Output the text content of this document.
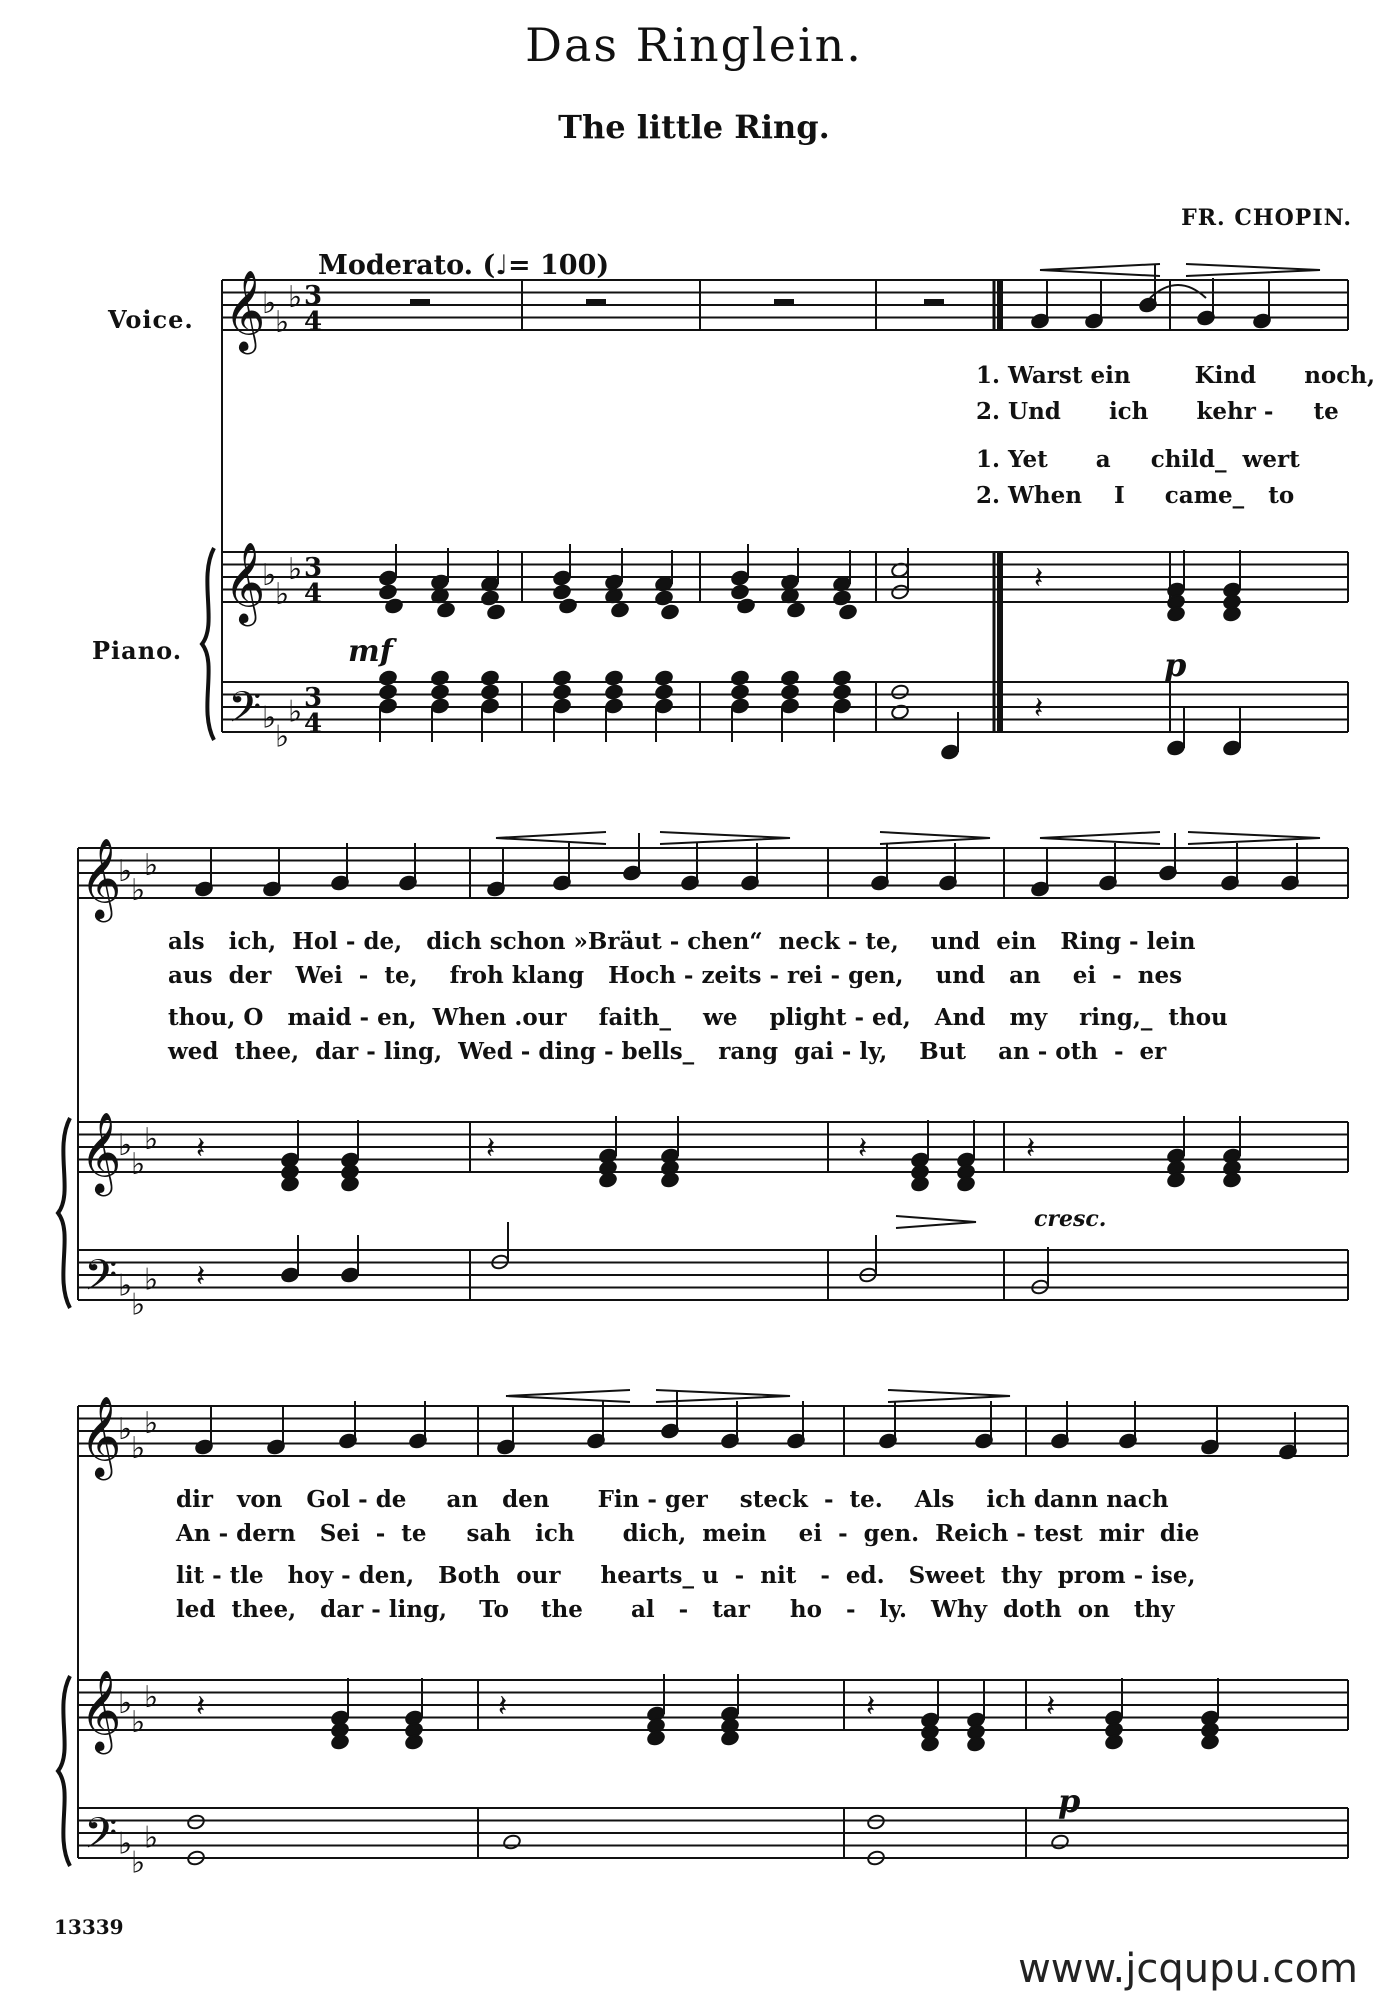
Das Ringlein.
The little Ring.
FR. CHOPIN.
Moderato. (♩= 100)
Voice.
Piano.
1. Warst ein	Kind noch,
2. Und ich kehr - te
1. Yet a child_ wert
2. When I came_ to
als   ich,  Hol - de,   dich schon »Bräut - chen“  neck - te,    und  ein   Ring - lein
aus  der   Wei  -  te,    froh klang   Hoch - zeits - rei - gen,    und   an    ei  -  nes
thou, O   maid - en,  When .our    faith_    we    plight - ed,   And   my    ring,_  thou
wed  thee,  dar - ling,  Wed - ding - bells_   rang  gai - ly,    But    an - oth  -  er
dir   von   Gol - de     an   den      Fin - ger    steck  -  te.    Als    ich dann nach
An - dern   Sei  -  te     sah   ich      dich,  mein    ei  -  gen.  Reich - test  mir  die
lit - tle   hoy - den,   Both  our     hearts_ u  -  nit   -  ed.   Sweet  thy  prom - ise,
led  thee,   dar - ling,    To    the      al   -   tar     ho   -   ly.   Why  doth  on   thy
mf	p
cresc.
p
13339
www.jcqupu.com
𝄞
𝄞
𝄢
♭
♭
♭
♭
♭
♭
♭
♭
♭
3
4
3
4
3
4
𝄽
𝄽
𝄞
𝄞
𝄢
♭
♭
♭
♭
♭
♭
♭
♭
♭
𝄽	𝄽	𝄽	𝄽
𝄽
𝄞
𝄞
𝄢
♭
♭
♭
♭
♭
♭
♭
♭
♭
𝄽	𝄽	𝄽	𝄽
